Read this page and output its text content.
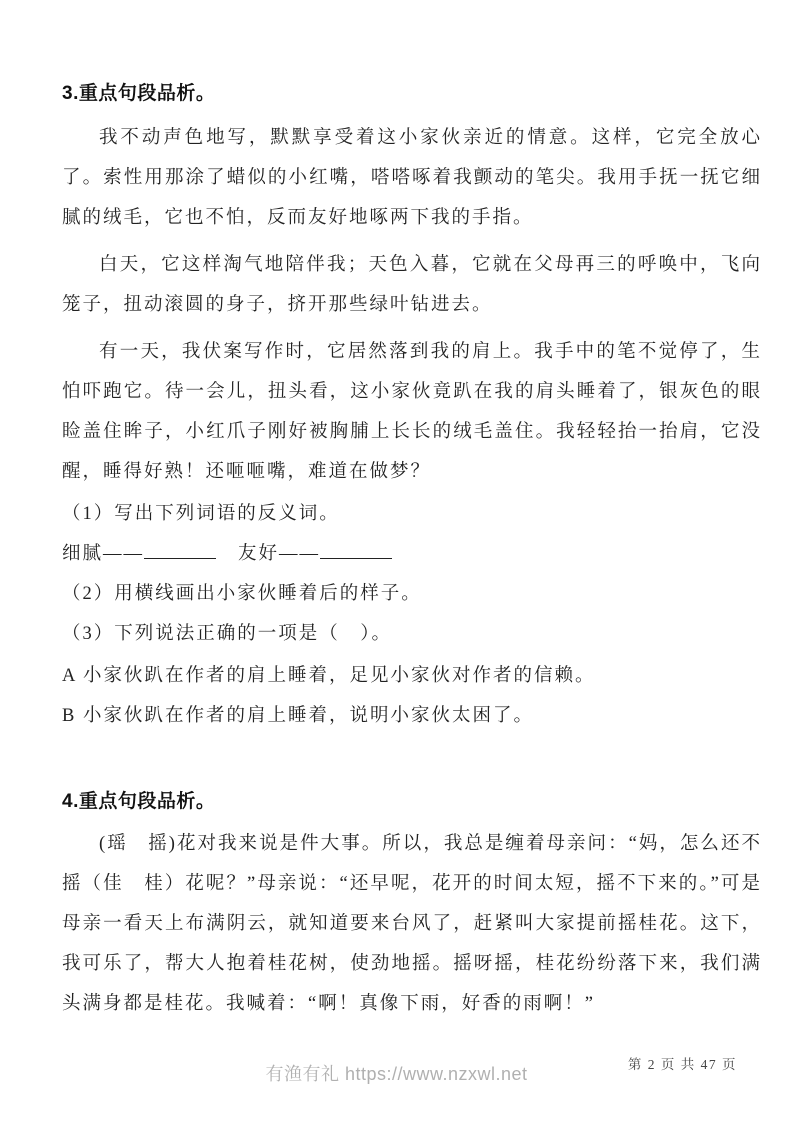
3.重点句段品析。

我不动声色地写，默默享受着这小家伙亲近的情意。这样，它完全放心了。索性用那涂了蜡似的小红嘴，嗒嗒啄着我颤动的笔尖。我用手抚一抚它细腻的绒毛，它也不怕，反而友好地啄两下我的手指。

白天，它这样淘气地陪伴我；天色入暮，它就在父母再三的呼唤中，飞向笼子，扭动滚圆的身子，挤开那些绿叶钻进去。

有一天，我伏案写作时，它居然落到我的肩上。我手中的笔不觉停了，生怕吓跑它。待一会儿，扭头看，这小家伙竟趴在我的肩头睡着了，银灰色的眼睑盖住眸子，小红爪子刚好被胸脯上长长的绒毛盖住。我轻轻抬一抬肩，它没醒，睡得好熟！还咂咂嘴，难道在做梦？

（1）写出下列词语的反义词。

细腻——	友好——

（2）用横线画出小家伙睡着后的样子。

（3）下列说法正确的一项是（　）。

A 小家伙趴在作者的肩上睡着，足见小家伙对作者的信赖。

B 小家伙趴在作者的肩上睡着，说明小家伙太困了。

4.重点句段品析。

(瑶　摇)花对我来说是件大事。所以，我总是缠着母亲问：“妈，怎么还不摇（佳　桂）花呢？”母亲说：“还早呢，花开的时间太短，摇不下来的。”可是母亲一看天上布满阴云，就知道要来台风了，赶紧叫大家提前摇桂花。这下，我可乐了，帮大人抱着桂花树，使劲地摇。摇呀摇，桂花纷纷落下来，我们满头满身都是桂花。我喊着：“啊！真像下雨，好香的雨啊！”

有渔有礼 https://www.nzxwl.net	第 2 页 共 47 页
